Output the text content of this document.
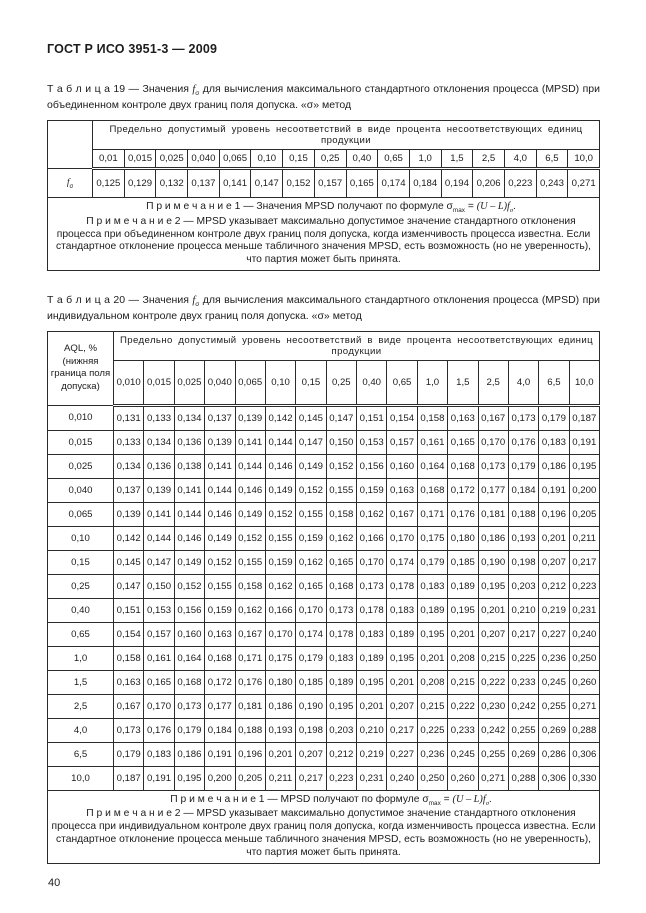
ГОСТ Р ИСО 3951-3 — 2009

Т а б л и ц а 19 — Значения $f_\sigma$ для вычисления максимального стандартного отклонения процесса (MPSD) при объединенном контроле двух границ поля допуска. «σ» метод

	Предельно допустимый уровень несоответствий в виде процента несоответствующих единиц продукции															
	0,01	0,015	0,025	0,040	0,065	0,10	0,15	0,25	0,40	0,65	1,0	1,5	2,5	4,0	6,5	10,0
$f_\sigma$	0,125	0,129	0,132	0,137	0,141	0,147	0,152	0,157	0,165	0,174	0,184	0,194	0,206	0,223	0,243	0,271

П р и м е ч а н и е 1 — Значения MPSD получают по формуле $\sigma_{max} = (U - L)f_\sigma$.

П р и м е ч а н и е 2 — MPSD указывает максимально допустимое значение стандартного отклонения процесса при объединенном контроле двух границ поля допуска, когда изменчивость процесса известна. Если стандартное отклонение процесса меньше табличного значения MPSD, есть возможность (но не уверенность), что партия может быть принята.																

Т а б л и ц а 20 — Значения $f_\sigma$ для вычисления максимального стандартного отклонения процесса (MPSD) при индивидуальном контроле двух границ поля допуска. «σ» метод

AQL, % (нижняя граница поля допуска)	Предельно допустимый уровень несоответствий в виде процента несоответствующих единиц продукции															
	0,010	0,015	0,025	0,040	0,065	0,10	0,15	0,25	0,40	0,65	1,0	1,5	2,5	4,0	6,5	10,0
0,010	0,131	0,133	0,134	0,137	0,139	0,142	0,145	0,147	0,151	0,154	0,158	0,163	0,167	0,173	0,179	0,187
0,015	0,133	0,134	0,136	0,139	0,141	0,144	0,147	0,150	0,153	0,157	0,161	0,165	0,170	0,176	0,183	0,191
0,025	0,134	0,136	0,138	0,141	0,144	0,146	0,149	0,152	0,156	0,160	0,164	0,168	0,173	0,179	0,186	0,195
0,040	0,137	0,139	0,141	0,144	0,146	0,149	0,152	0,155	0,159	0,163	0,168	0,172	0,177	0,184	0,191	0,200
0,065	0,139	0,141	0,144	0,146	0,149	0,152	0,155	0,158	0,162	0,167	0,171	0,176	0,181	0,188	0,196	0,205
0,10	0,142	0,144	0,146	0,149	0,152	0,155	0,159	0,162	0,166	0,170	0,175	0,180	0,186	0,193	0,201	0,211
0,15	0,145	0,147	0,149	0,152	0,155	0,159	0,162	0,165	0,170	0,174	0,179	0,185	0,190	0,198	0,207	0,217
0,25	0,147	0,150	0,152	0,155	0,158	0,162	0,165	0,168	0,173	0,178	0,183	0,189	0,195	0,203	0,212	0,223
0,40	0,151	0,153	0,156	0,159	0,162	0,166	0,170	0,173	0,178	0,183	0,189	0,195	0,201	0,210	0,219	0,231
0,65	0,154	0,157	0,160	0,163	0,167	0,170	0,174	0,178	0,183	0,189	0,195	0,201	0,207	0,217	0,227	0,240
1,0	0,158	0,161	0,164	0,168	0,171	0,175	0,179	0,183	0,189	0,195	0,201	0,208	0,215	0,225	0,236	0,250
1,5	0,163	0,165	0,168	0,172	0,176	0,180	0,185	0,189	0,195	0,201	0,208	0,215	0,222	0,233	0,245	0,260
2,5	0,167	0,170	0,173	0,177	0,181	0,186	0,190	0,195	0,201	0,207	0,215	0,222	0,230	0,242	0,255	0,271
4,0	0,173	0,176	0,179	0,184	0,188	0,193	0,198	0,203	0,210	0,217	0,225	0,233	0,242	0,255	0,269	0,288
6,5	0,179	0,183	0,186	0,191	0,196	0,201	0,207	0,212	0,219	0,227	0,236	0,245	0,255	0,269	0,286	0,306
10,0	0,187	0,191	0,195	0,200	0,205	0,211	0,217	0,223	0,231	0,240	0,250	0,260	0,271	0,288	0,306	0,330

П р и м е ч а н и е 1 — MPSD получают по формуле $\sigma_{max} = (U - L)f_\sigma$.

П р и м е ч а н и е 2 — MPSD указывает максимально допустимое значение стандартного отклонения процесса при индивидуальном контроле двух границ поля допуска, когда изменчивость процесса известна. Если стандартное отклонение процесса меньше табличного значения MPSD, есть возможность (но не уверенность), что партия может быть принята.																

40
